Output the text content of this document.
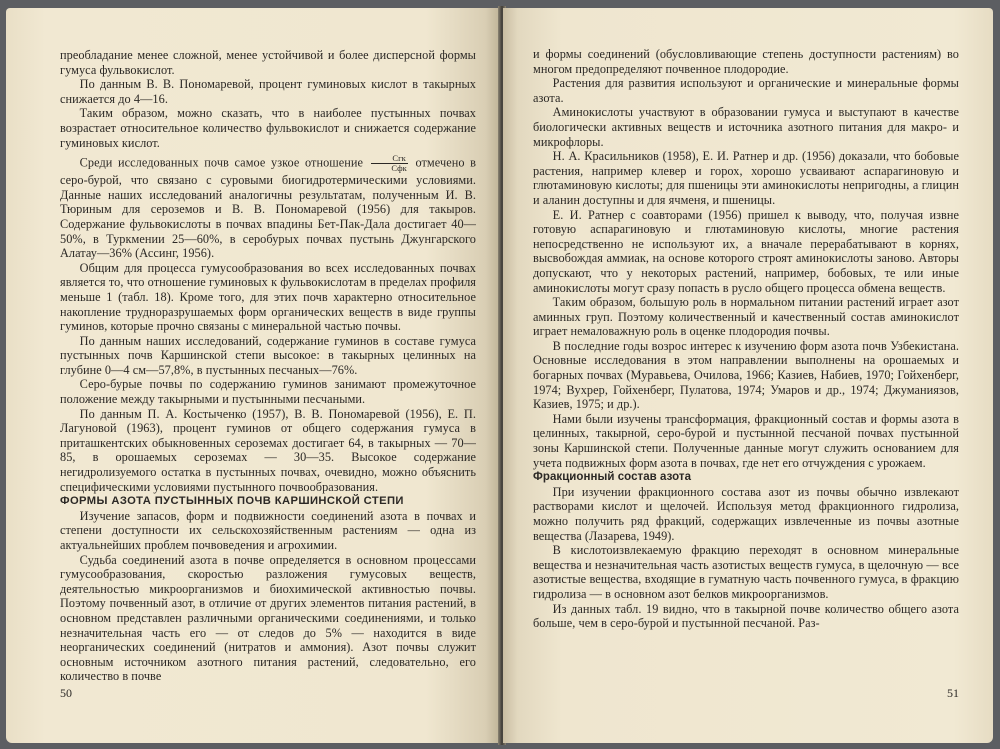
преобладание менее сложной, менее устойчивой и более дисперсной формы гумуса фульвокислот.

По данным В. В. Пономаревой, процент гуминовых кислот в такырных снижается до 4—16.

Таким образом, можно сказать, что в наиболее пустынных почвах возрастает относительное количество фульвокислот и снижается содержание гуминовых кислот.

Среди исследованных почв самое узкое отношение $\frac{\text{Сгк}}{\text{Сфк}}$ отмечено в серо-бурой, что связано с суровыми биогидротермическими условиями. Данные наших исследований аналогичны результатам, полученным И. В. Тюриным для сероземов и В. В. Пономаревой (1956) для такыров. Содержание фульвокислоты в почвах впадины Бет-Пак-Дала достигает 40—50%, в Туркмении 25—60%, в серобурых почвах пустынь Джунгарского Алатау—36% (Ассинг, 1956).

Общим для процесса гумусообразования во всех исследованных почвах является то, что отношение гуминовых к фульвокислотам в пределах профиля меньше 1 (табл. 18). Кроме того, для этих почв характерно относительное накопление трудноразрушаемых форм органических веществ в виде группы гуминов, которые прочно связаны с минеральной частью почвы.

По данным наших исследований, содержание гуминов в составе гумуса пустынных почв Каршинской степи высокое: в такырных целинных на глубине 0—4 см—57,8%, в пустынных песчаных—76%.

Серо-бурые почвы по содержанию гуминов занимают промежуточное положение между такырными и пустынными песчаными.

По данным П. А. Костыченко (1957), В. В. Пономаревой (1956), Е. П. Лагуновой (1963), процент гуминов от общего содержания гумуса в приташкентских обыкновенных сероземах достигает 64, в такырных — 70—85, в орошаемых сероземах — 30—35. Высокое содержание негидролизуемого остатка в пустынных почвах, очевидно, можно объяснить специфическими условиями пустынного почвообразования.

ФОРМЫ АЗОТА ПУСТЫННЫХ ПОЧВ КАРШИНСКОЙ СТЕПИ

Изучение запасов, форм и подвижности соединений азота в почвах и степени доступности их сельскохозяйственным растениям — одна из актуальнейших проблем почвоведения и агрохимии.

Судьба соединений азота в почве определяется в основном процессами гумусообразования, скоростью разложения гумусовых веществ, деятельностью микроорганизмов и биохимической активностью почвы. Поэтому почвенный азот, в отличие от других элементов питания растений, в основном представлен различными органическими соединениями, и только незначительная часть его — от следов до 5% — находится в виде неорганических соединений (нитратов и аммония). Азот почвы служит основным источником азотного питания растений, следовательно, его количество в почве

50

и формы соединений (обусловливающие степень доступности растениям) во многом предопределяют почвенное плодородие.

Растения для развития используют и органические и минеральные формы азота.

Аминокислоты участвуют в образовании гумуса и выступают в качестве биологически активных веществ и источника азотного питания для макро- и микрофлоры.

Н. А. Красильников (1958), Е. И. Ратнер и др. (1956) доказали, что бобовые растения, например клевер и горох, хорошо усваивают аспарагиновую и глютаминовую кислоты; для пшеницы эти аминокислоты непригодны, а глицин и аланин доступны и для ячменя, и пшеницы.

Е. И. Ратнер с соавторами (1956) пришел к выводу, что, получая извне готовую аспарагиновую и глютаминовую кислоты, многие растения непосредственно не используют их, а вначале перерабатывают в корнях, высвобождая аммиак, на основе которого строят аминокислоты заново. Авторы допускают, что у некоторых растений, например, бобовых, те или иные аминокислоты могут сразу попасть в русло общего процесса обмена веществ.

Таким образом, большую роль в нормальном питании растений играет азот аминных груп. Поэтому количественный и качественный состав аминокислот играет немаловажную роль в оценке плодородия почвы.

В последние годы возрос интерес к изучению форм азота почв Узбекистана. Основные исследования в этом направлении выполнены на орошаемых и богарных почвах (Муравьева, Очилова, 1966; Казиев, Набиев, 1970; Гойхенберг, 1974; Вухрер, Гойхенберг, Пулатова, 1974; Умаров и др., 1974; Джуманиязов, Казиев, 1975; и др.).

Нами были изучены трансформация, фракционный состав и формы азота в целинных, такырной, серо-бурой и пустынной песчаной почвах пустынной зоны Каршинской степи. Полученные данные могут служить основанием для учета подвижных форм азота в почвах, где нет его отчуждения с урожаем.

Фракционный состав азота

При изучении фракционного состава азот из почвы обычно извлекают растворами кислот и щелочей. Используя метод фракционного гидролиза, можно получить ряд фракций, содержащих извлеченные из почвы азотные вещества (Лазарева, 1949).

В кислотоизвлекаемую фракцию переходят в основном минеральные вещества и незначительная часть азотистых веществ гумуса, в щелочную — все азотистые вещества, входящие в гуматную часть почвенного гумуса, в фракцию гидролиза — в основном азот белков микроорганизмов.

Из данных табл. 19 видно, что в такырной почве количество общего азота больше, чем в серо-бурой и пустынной песчаной. Раз-

51
